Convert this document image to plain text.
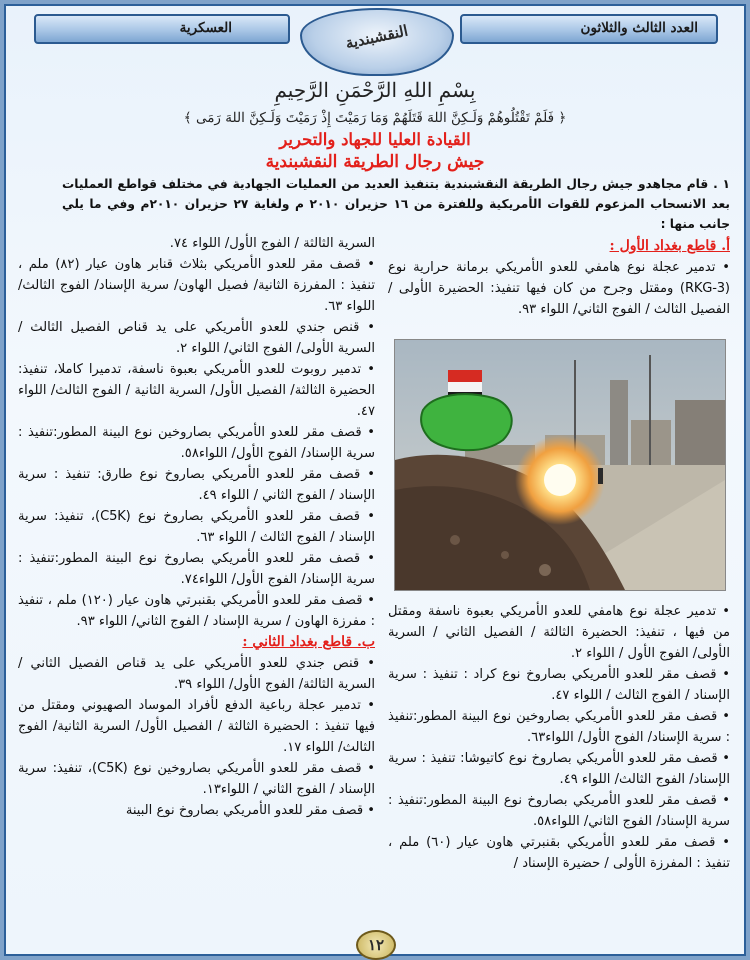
العدد الثالث والثلاثون
العسكرية	النقشبندية
بِسْمِ اللهِ الرَّحْمَنِ الرَّحِيمِ
﴿ فَلَمْ تَقْتُلُوهُمْ وَلَـكِنَّ اللهَ قَتَلَهُمْ وَمَا رَمَيْتَ إِذْ رَمَيْتَ وَلَـكِنَّ اللهَ رَمَى ﴾
القيادة العليا للجهاد والتحرير
جيش رجال الطريقة النقشبندية
١ . قام مجاهدو جيش رجال الطريقة النقشبندية بتنفيذ العديد من العمليات الجهادية في مختلف قواطع العمليات بعد الانسحاب المزعوم للقوات الأمريكية وللفترة من ١٦ حزيران ٢٠١٠ م ولغاية ٢٧ حزيران ٢٠١٠م وفي ما يلي جانب منها :

أ. قاطع بغداد الأول :

• تدمير عجلة نوع هامفي للعدو الأمريكي برمانة حرارية نوع (RKG-3) ومقتل وجرح من كان فيها تنفيذ: الحضيرة الأولى / الفصيل الثالث / الفوج الثاني/ اللواء ٩٣.

• تدمير عجلة نوع هامفي للعدو الأمريكي بعبوة ناسفة ومقتل من فيها ، تنفيذ: الحضيرة الثالثة / الفصيل الثاني / السرية الأولى/ الفوج الأول / اللواء ٢.

• قصف مقر للعدو الأمريكي بصاروخ نوع كراد : تنفيذ : سرية الإسناد / الفوج الثالث / اللواء ٤٧.

• قصف مقر للعدو الأمريكي بصاروخين نوع البينة المطور:تنفيذ : سرية الإسناد/ الفوج الأول/ اللواء٦٣.

• قصف مقر للعدو الأمريكي بصاروخ نوع كاتيوشا: تنفيذ : سرية الإسناد/ الفوج الثالث/ اللواء ٤٩.

• قصف مقر للعدو الأمريكي بصاروخ نوع البينة المطور:تنفيذ : سرية الإسناد/ الفوج الثاني/ اللواء٥٨.

• قصف مقر للعدو الأمريكي بقنبرتي هاون عيار (٦٠) ملم ، تنفيذ : المفرزة الأولى / حضيرة الإسناد /

السرية الثالثة / الفوج الأول/ اللواء ٧٤.

• قصف مقر للعدو الأمريكي بثلاث قنابر هاون عيار (٨٢) ملم ، تنفيذ : المفرزة الثانية/ فصيل الهاون/ سرية الإسناد/ الفوج الثالث/ اللواء ٦٣.

• قنص جندي للعدو الأمريكي على يد قناص الفصيل الثالث / السرية الأولى/ الفوج الثاني/ اللواء ٢.

• تدمير روبوت للعدو الأمريكي بعبوة ناسفة، تدميرا كاملا، تنفيذ: الحضيرة الثالثة/ الفصيل الأول/ السرية الثانية / الفوج الثالث/ اللواء ٤٧.

• قصف مقر للعدو الأمريكي بصاروخين نوع البينة المطور:تنفيذ : سرية الإسناد/ الفوج الأول/ اللواء٥٨.

• قصف مقر للعدو الأمريكي بصاروخ نوع طارق: تنفيذ : سرية الإسناد / الفوج الثاني / اللواء ٤٩.

• قصف مقر للعدو الأمريكي بصاروخ نوع (C5K)، تنفيذ: سرية الإسناد / الفوج الثالث / اللواء ٦٣.

• قصف مقر للعدو الأمريكي بصاروخ نوع البينة المطور:تنفيذ : سرية الإسناد/ الفوج الأول/ اللواء٧٤.

• قصف مقر للعدو الأمريكي بقنبرتي هاون عيار (١٢٠) ملم ، تنفيذ : مفرزة الهاون / سرية الإسناد / الفوج الثاني/ اللواء ٩٣.

ب. قاطع بغداد الثاني :

• قنص جندي للعدو الأمريكي على يد قناص الفصيل الثاني / السرية الثالثة/ الفوج الأول/ اللواء ٣٩.

• تدمير عجلة رباعية الدفع لأفراد الموساد الصهيوني ومقتل من فيها تنفيذ : الحضيرة الثالثة / الفصيل الأول/ السرية الثانية/ الفوج الثالث/ اللواء ١٧.

• قصف مقر للعدو الأمريكي بصاروخين نوع (C5K)، تنفيذ: سرية الإسناد / الفوج الثاني / اللواء١٣.

• قصف مقر للعدو الأمريكي بصاروخ نوع البينة

١٢
